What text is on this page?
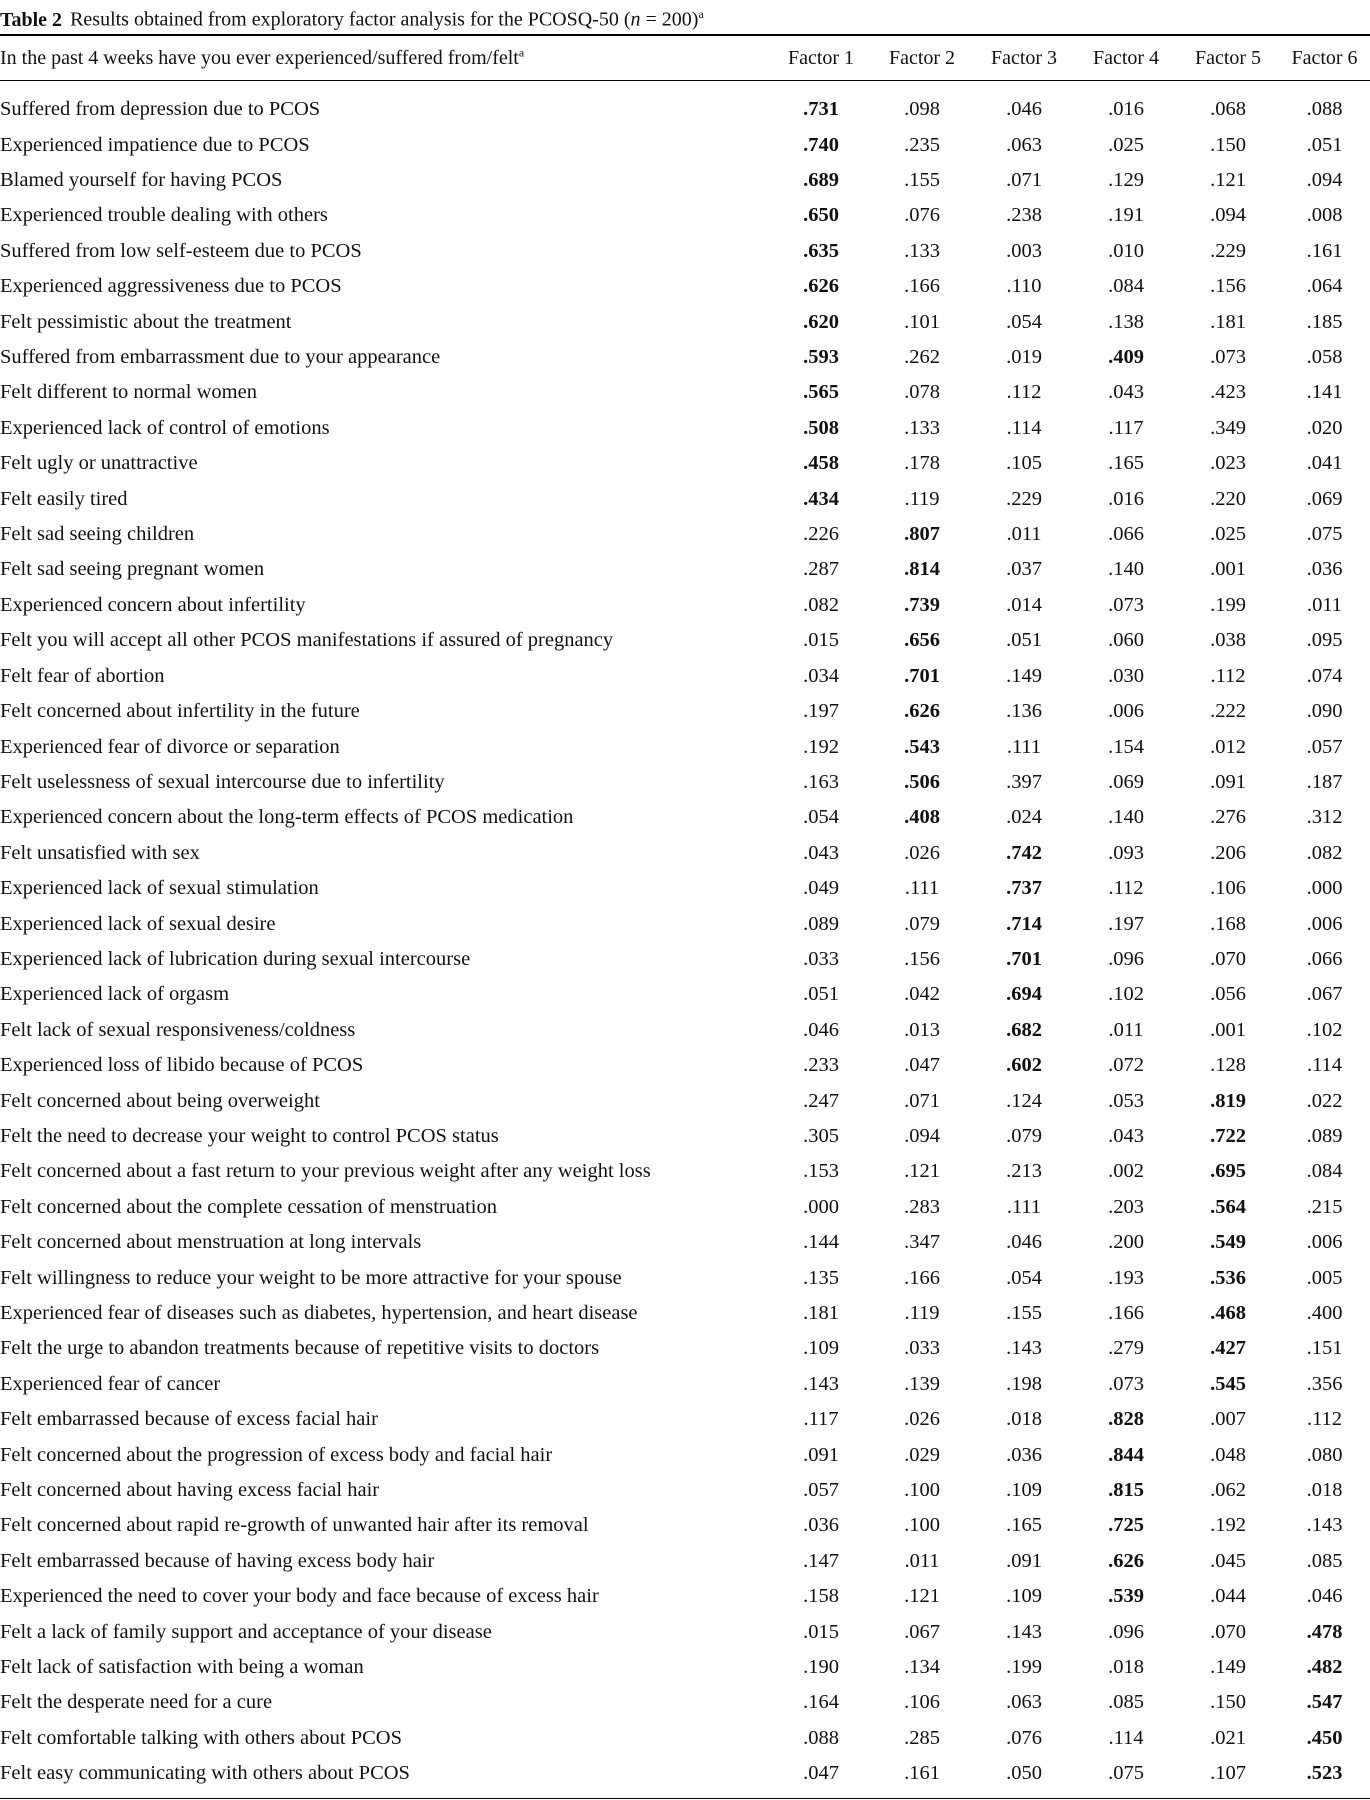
Table 2 Results obtained from exploratory factor analysis for the PCOSQ-50 (n = 200)$^a$
In the past 4 weeks have you ever experienced/suffered from/felt$^a$	Factor 1	Factor 2	Factor 3	Factor 4	Factor 5	Factor 6
Suffered from depression due to PCOS	.731	.098	.046	.016	.068	.088
Experienced impatience due to PCOS	.740	.235	.063	.025	.150	.051
Blamed yourself for having PCOS	.689	.155	.071	.129	.121	.094
Experienced trouble dealing with others	.650	.076	.238	.191	.094	.008
Suffered from low self-esteem due to PCOS	.635	.133	.003	.010	.229	.161
Experienced aggressiveness due to PCOS	.626	.166	.110	.084	.156	.064
Felt pessimistic about the treatment	.620	.101	.054	.138	.181	.185
Suffered from embarrassment due to your appearance	.593	.262	.019	.409	.073	.058
Felt different to normal women	.565	.078	.112	.043	.423	.141
Experienced lack of control of emotions	.508	.133	.114	.117	.349	.020
Felt ugly or unattractive	.458	.178	.105	.165	.023	.041
Felt easily tired	.434	.119	.229	.016	.220	.069
Felt sad seeing children	.226	.807	.011	.066	.025	.075
Felt sad seeing pregnant women	.287	.814	.037	.140	.001	.036
Experienced concern about infertility	.082	.739	.014	.073	.199	.011
Felt you will accept all other PCOS manifestations if assured of pregnancy	.015	.656	.051	.060	.038	.095
Felt fear of abortion	.034	.701	.149	.030	.112	.074
Felt concerned about infertility in the future	.197	.626	.136	.006	.222	.090
Experienced fear of divorce or separation	.192	.543	.111	.154	.012	.057
Felt uselessness of sexual intercourse due to infertility	.163	.506	.397	.069	.091	.187
Experienced concern about the long-term effects of PCOS medication	.054	.408	.024	.140	.276	.312
Felt unsatisfied with sex	.043	.026	.742	.093	.206	.082
Experienced lack of sexual stimulation	.049	.111	.737	.112	.106	.000
Experienced lack of sexual desire	.089	.079	.714	.197	.168	.006
Experienced lack of lubrication during sexual intercourse	.033	.156	.701	.096	.070	.066
Experienced lack of orgasm	.051	.042	.694	.102	.056	.067
Felt lack of sexual responsiveness/coldness	.046	.013	.682	.011	.001	.102
Experienced loss of libido because of PCOS	.233	.047	.602	.072	.128	.114
Felt concerned about being overweight	.247	.071	.124	.053	.819	.022
Felt the need to decrease your weight to control PCOS status	.305	.094	.079	.043	.722	.089
Felt concerned about a fast return to your previous weight after any weight loss	.153	.121	.213	.002	.695	.084
Felt concerned about the complete cessation of menstruation	.000	.283	.111	.203	.564	.215
Felt concerned about menstruation at long intervals	.144	.347	.046	.200	.549	.006
Felt willingness to reduce your weight to be more attractive for your spouse	.135	.166	.054	.193	.536	.005
Experienced fear of diseases such as diabetes, hypertension, and heart disease	.181	.119	.155	.166	.468	.400
Felt the urge to abandon treatments because of repetitive visits to doctors	.109	.033	.143	.279	.427	.151
Experienced fear of cancer	.143	.139	.198	.073	.545	.356
Felt embarrassed because of excess facial hair	.117	.026	.018	.828	.007	.112
Felt concerned about the progression of excess body and facial hair	.091	.029	.036	.844	.048	.080
Felt concerned about having excess facial hair	.057	.100	.109	.815	.062	.018
Felt concerned about rapid re-growth of unwanted hair after its removal	.036	.100	.165	.725	.192	.143
Felt embarrassed because of having excess body hair	.147	.011	.091	.626	.045	.085
Experienced the need to cover your body and face because of excess hair	.158	.121	.109	.539	.044	.046
Felt a lack of family support and acceptance of your disease	.015	.067	.143	.096	.070	.478
Felt lack of satisfaction with being a woman	.190	.134	.199	.018	.149	.482
Felt the desperate need for a cure	.164	.106	.063	.085	.150	.547
Felt comfortable talking with others about PCOS	.088	.285	.076	.114	.021	.450
Felt easy communicating with others about PCOS	.047	.161	.050	.075	.107	.523
